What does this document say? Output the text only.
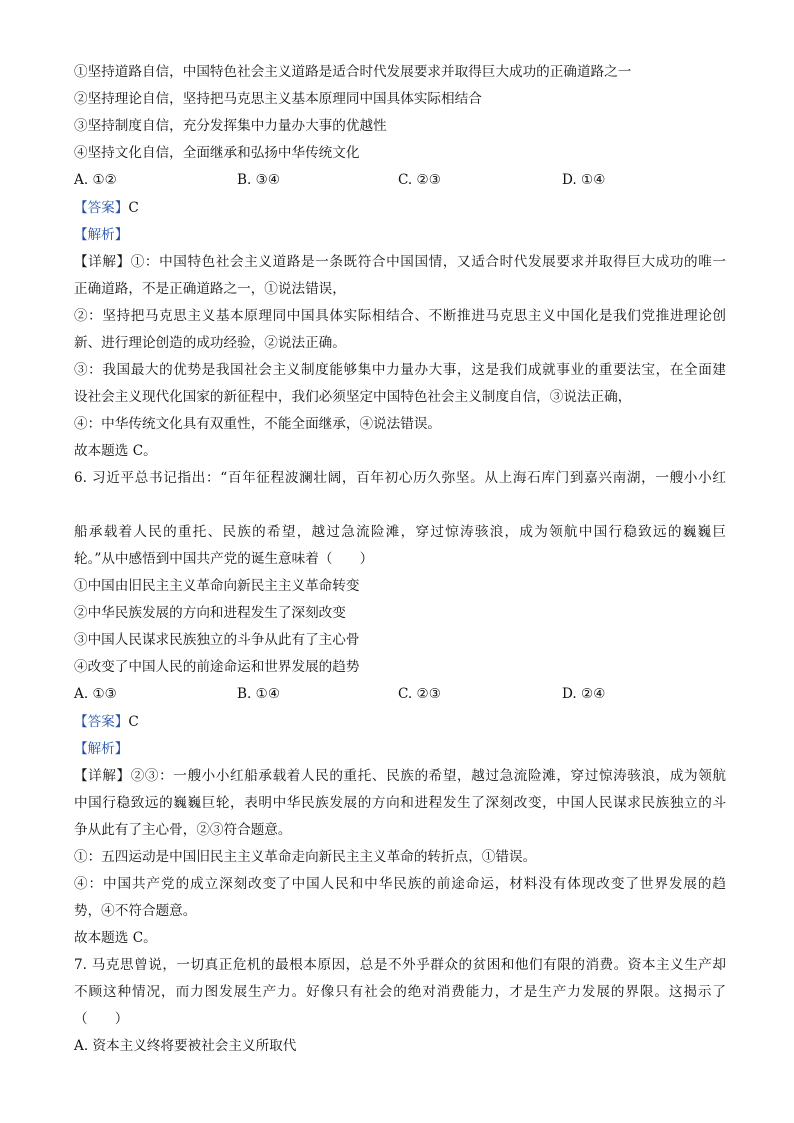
①坚持道路自信，中国特色社会主义道路是适合时代发展要求并取得巨大成功的正确道路之一
②坚持理论自信，坚持把马克思主义基本原理同中国具体实际相结合
③坚持制度自信，充分发挥集中力量办大事的优越性
④坚持文化自信，全面继承和弘扬中华传统文化
A. ①②	B. ③④	C. ②③	D. ①④
【答案】C
【解析】
【详解】①：中国特色社会主义道路是一条既符合中国国情，又适合时代发展要求并取得巨大成功的唯一
正确道路，不是正确道路之一，①说法错误，
②：坚持把马克思主义基本原理同中国具体实际相结合、不断推进马克思主义中国化是我们党推进理论创
新、进行理论创造的成功经验，②说法正确。
③：我国最大的优势是我国社会主义制度能够集中力量办大事，这是我们成就事业的重要法宝，在全面建
设社会主义现代化国家的新征程中，我们必须坚定中国特色社会主义制度自信，③说法正确，
④：中华传统文化具有双重性，不能全面继承，④说法错误。
故本题选 C。
6. 习近平总书记指出：“百年征程波澜壮阔，百年初心历久弥坚。从上海石库门到嘉兴南湖，一艘小小红
船承载着人民的重托、民族的希望，越过急流险滩，穿过惊涛骇浪，成为领航中国行稳致远的巍巍巨
轮。”从中感悟到中国共产党的诞生意味着（　　）
①中国由旧民主主义革命向新民主主义革命转变
②中华民族发展的方向和进程发生了深刻改变
③中国人民谋求民族独立的斗争从此有了主心骨
④改变了中国人民的前途命运和世界发展的趋势
A. ①③	B. ①④	C. ②③	D. ②④
【答案】C
【解析】
【详解】②③：一艘小小红船承载着人民的重托、民族的希望，越过急流险滩，穿过惊涛骇浪，成为领航
中国行稳致远的巍巍巨轮，表明中华民族发展的方向和进程发生了深刻改变，中国人民谋求民族独立的斗
争从此有了主心骨，②③符合题意。
①：五四运动是中国旧民主主义革命走向新民主主义革命的转折点，①错误。
④：中国共产党的成立深刻改变了中国人民和中华民族的前途命运，材料没有体现改变了世界发展的趋
势，④不符合题意。
故本题选 C。
7. 马克思曾说，一切真正危机的最根本原因，总是不外乎群众的贫困和他们有限的消费。资本主义生产却
不顾这种情况，而力图发展生产力。好像只有社会的绝对消费能力，才是生产力发展的界限。这揭示了
（　　）
A. 资本主义终将要被社会主义所取代
